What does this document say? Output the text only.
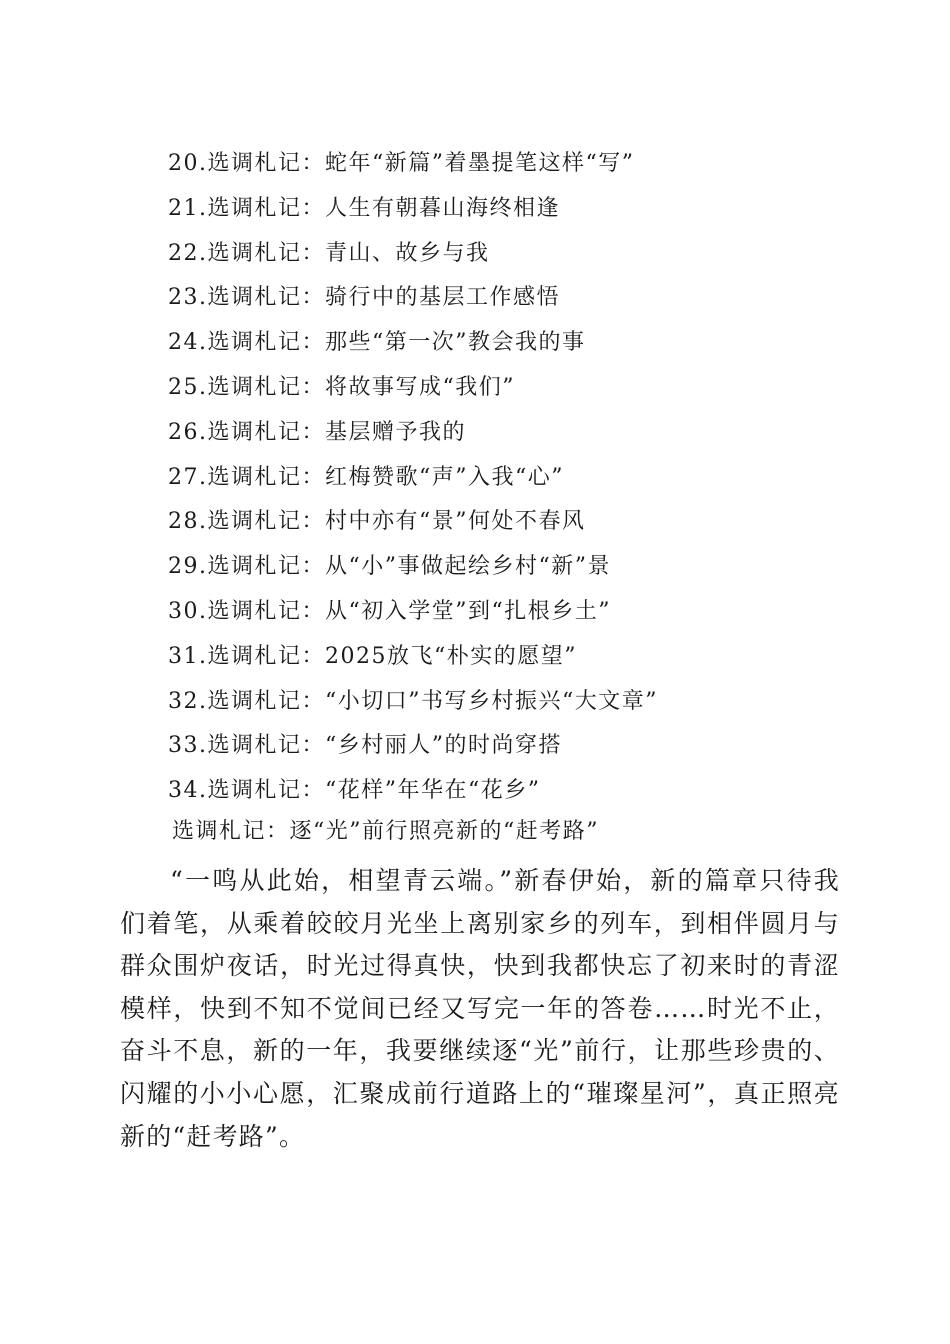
20.选调札记：蛇年“新篇”着墨提笔这样“写”
21.选调札记：人生有朝暮山海终相逢
22.选调札记：青山、故乡与我
23.选调札记：骑行中的基层工作感悟
24.选调札记：那些“第一次”教会我的事
25.选调札记：将故事写成“我们”
26.选调札记：基层赠予我的
27.选调札记：红梅赞歌“声”入我“心”
28.选调札记：村中亦有“景”何处不春风
29.选调札记：从“小”事做起绘乡村“新”景
30.选调札记：从“初入学堂”到“扎根乡土”
31.选调札记：2025放飞“朴实的愿望”
32.选调札记：“小切口”书写乡村振兴“大文章”
33.选调札记：“乡村丽人”的时尚穿搭
34.选调札记：“花样”年华在“花乡”
选调札记：逐“光”前行照亮新的“赶考路”

“一鸣从此始，相望青云端。”新春伊始，新的篇章只待我们着笔，从乘着皎皎月光坐上离别家乡的列车，到相伴圆月与群众围炉夜话，时光过得真快，快到我都快忘了初来时的青涩模样，快到不知不觉间已经又写完一年的答卷……时光不止，奋斗不息，新的一年，我要继续逐“光”前行，让那些珍贵的、闪耀的小小心愿，汇聚成前行道路上的“璀璨星河”，真正照亮新的“赶考路”。
